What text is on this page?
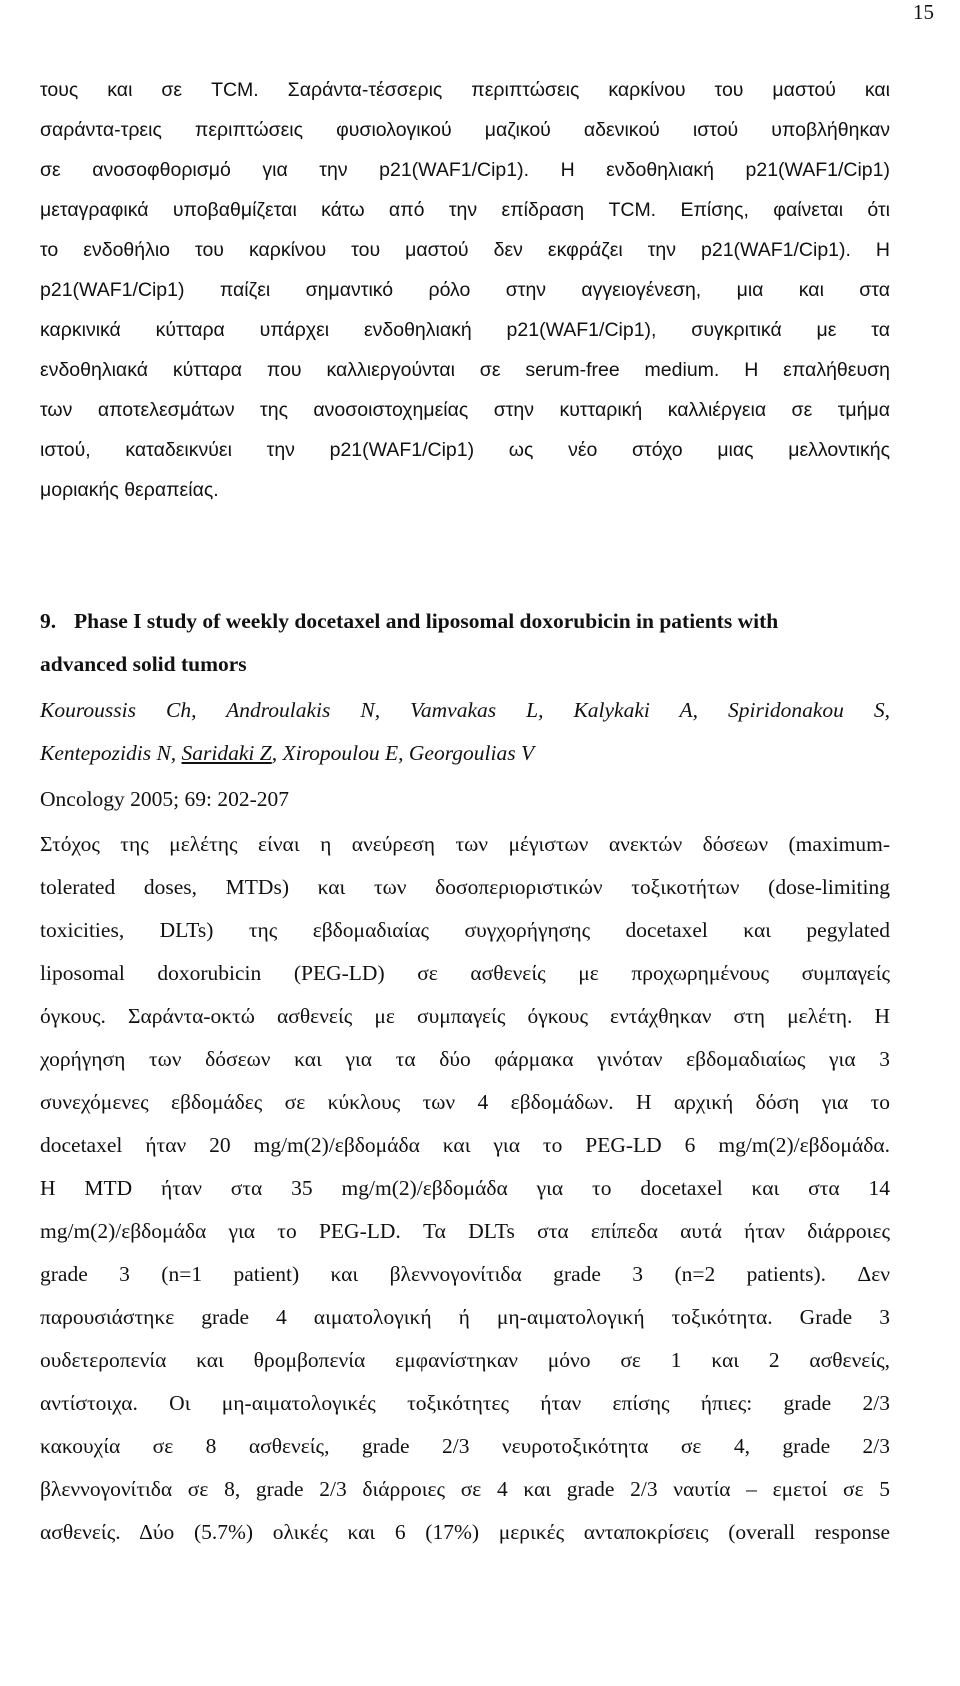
15
τους και σε TCM. Σαράντα-τέσσερις περιπτώσεις καρκίνου του μαστού και
σαράντα-τρεις περιπτώσεις φυσιολογικού μαζικού αδενικού ιστού υποβλήθηκαν
σε ανοσοφθορισμό για την p21(WAF1/Cip1). Η ενδοθηλιακή p21(WAF1/Cip1)
μεταγραφικά υποβαθμίζεται κάτω από την επίδραση TCM. Επίσης, φαίνεται ότι
το ενδοθήλιο του καρκίνου του μαστού δεν εκφράζει την p21(WAF1/Cip1). Η
p21(WAF1/Cip1) παίζει σημαντικό ρόλο στην αγγειογένεση, μια και στα
καρκινικά κύτταρα υπάρχει ενδοθηλιακή p21(WAF1/Cip1), συγκριτικά με τα
ενδοθηλιακά κύτταρα που καλλιεργούνται σε serum-free medium. Η επαλήθευση
των αποτελεσμάτων της ανοσοιστοχημείας στην κυτταρική καλλιέργεια σε τμήμα
ιστού, καταδεικνύει την p21(WAF1/Cip1) ως νέο στόχο μιας μελλοντικής
μοριακής θεραπείας.
9. Phase I study of weekly docetaxel and liposomal doxorubicin in patients with
advanced solid tumors
Kouroussis Ch, Androulakis N, Vamvakas L, Kalykaki A, Spiridonakou S,
Kentepozidis N, Saridaki Z, Xiropoulou E, Georgoulias V
Oncology 2005; 69: 202-207
Στόχος της μελέτης είναι η ανεύρεση των μέγιστων ανεκτών δόσεων (maximum-
tolerated doses, MTDs) και των δοσοπεριοριστικών τοξικοτήτων (dose-limiting
toxicities, DLTs) της εβδομαδιαίας συγχορήγησης docetaxel και pegylated
liposomal doxorubicin (PEG-LD) σε ασθενείς με προχωρημένους συμπαγείς
όγκους. Σαράντα-οκτώ ασθενείς με συμπαγείς όγκους εντάχθηκαν στη μελέτη. Η
χορήγηση των δόσεων και για τα δύο φάρμακα γινόταν εβδομαδιαίως για 3
συνεχόμενες εβδομάδες σε κύκλους των 4 εβδομάδων. Η αρχική δόση για το
docetaxel ήταν 20 mg/m(2)/εβδομάδα και για το PEG-LD 6 mg/m(2)/εβδομάδα.
Η MTD ήταν στα 35 mg/m(2)/εβδομάδα για το docetaxel και στα 14
mg/m(2)/εβδομάδα για το PEG-LD. Τα DLTs στα επίπεδα αυτά ήταν διάρροιες
grade 3 (n=1 patient) και βλεννογονίτιδα grade 3 (n=2 patients). Δεν
παρουσιάστηκε grade 4 αιματολογική ή μη-αιματολογική τοξικότητα. Grade 3
ουδετεροπενία και θρομβοπενία εμφανίστηκαν μόνο σε 1 και 2 ασθενείς,
αντίστοιχα. Οι μη-αιματολογικές τοξικότητες ήταν επίσης ήπιες: grade 2/3
κακουχία σε 8 ασθενείς, grade 2/3 νευροτοξικότητα σε 4, grade 2/3
βλεννογονίτιδα σε 8, grade 2/3 διάρροιες σε 4 και grade 2/3 ναυτία – εμετοί σε 5
ασθενείς. Δύο (5.7%) ολικές και 6 (17%) μερικές ανταποκρίσεις (overall response
